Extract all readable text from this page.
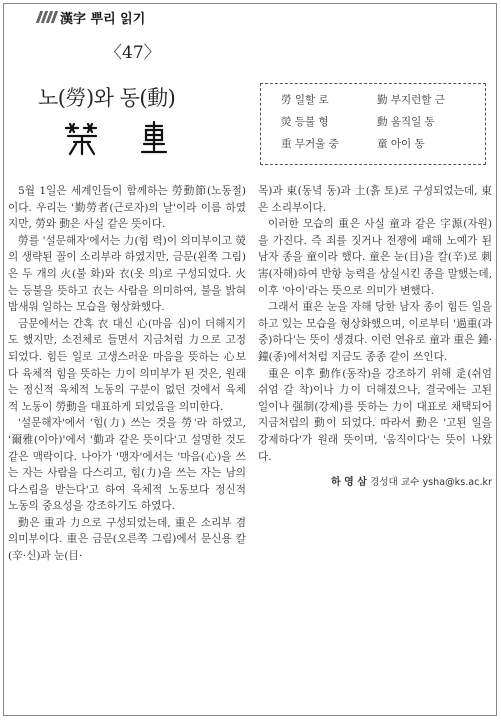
漢字 뿌리 읽기
〈47〉
노(勞)와 동(動)	勞 일할 로	勤 부지런할 근
熒 등불 형	動 움직일 동
重 무거울 중	童 아이 동

5월 1일은 세계인들이 함께하는 勞動節(노동절)이다. 우리는 '勤勞者(근로자)의 날'이라 이름 하였지만, 勞와 動은 사실 같은 뜻이다.

勞를 '설문해자'에서는 力(힘 력)이 의미부이고 熒의 생략된 꼴이 소리부라 하였지만, 금문(왼쪽 그림)은 두 개의 火(불 화)와 衣(옷 의)로 구성되었다. 火는 등불을 뜻하고 衣는 사람을 의미하여, 불을 밝혀 밤새워 일하는 모습을 형상화했다.

금문에서는 간혹 衣 대신 心(마음 심)이 더해지기도 했지만, 소전체로 들면서 지금처럼 力으로 고정되었다. 힘든 일로 고생스러운 마음을 뜻하는 心보다 육체적 힘을 뜻하는 力이 의미부가 된 것은, 원래는 정신적 육체적 노동의 구분이 없던 것에서 육체적 노동이 勞動을 대표하게 되었음을 의미한다.

'설문해자'에서 '힘(力) 쓰는 것을 勞'라 하였고, '爾雅(이아)'에서 '勤과 같은 뜻이다'고 설명한 것도 같은 맥락이다. 나아가 '맹자'에서는 '마음(心)을 쓰는 자는 사람을 다스리고, 힘(力)을 쓰는 자는 남의 다스림을 받는다'고 하여 육체적 노동보다 정신적 노동의 중요성을 강조하기도 하였다.

動은 重과 力으로 구성되었는데, 重은 소리부 겸 의미부이다. 重은 금문(오른쪽 그림)에서 문신용 칼(辛·신)과 눈(目·

목)과 東(동녘 동)과 土(흙 토)로 구성되었는데, 東은 소리부이다.

이러한 모습의 重은 사실 童과 같은 字源(자원)을 가진다. 즉 죄를 짓거나 전쟁에 패해 노예가 된 남자 종을 童이라 했다. 童은 눈(目)을 칼(辛)로 刺害(자해)하여 반항 능력을 상실시킨 종을 말했는데, 이후 '아이'라는 뜻으로 의미가 변했다.

그래서 重은 눈을 자해 당한 남자 종이 힘든 일을 하고 있는 모습을 형상화했으며, 이로부터 '過重(과중)하다'는 뜻이 생겼다. 이런 연유로 童과 重은 鍾·鐘(종)에서처럼 지금도 종종 같이 쓰인다.

重은 이후 動作(동작)을 강조하기 위해 辵(쉬엄쉬엄 갈 착)이나 力이 더해졌으나, 결국에는 고된 일이나 强制(강제)를 뜻하는 力이 대표로 채택되어 지금처럼의 動이 되었다. 따라서 動은 '고된 일을 강제하다'가 원래 뜻이며, '움직이다'는 뜻이 나왔다.

하 영 삼 경성대 교수 ysha@ks.ac.kr
